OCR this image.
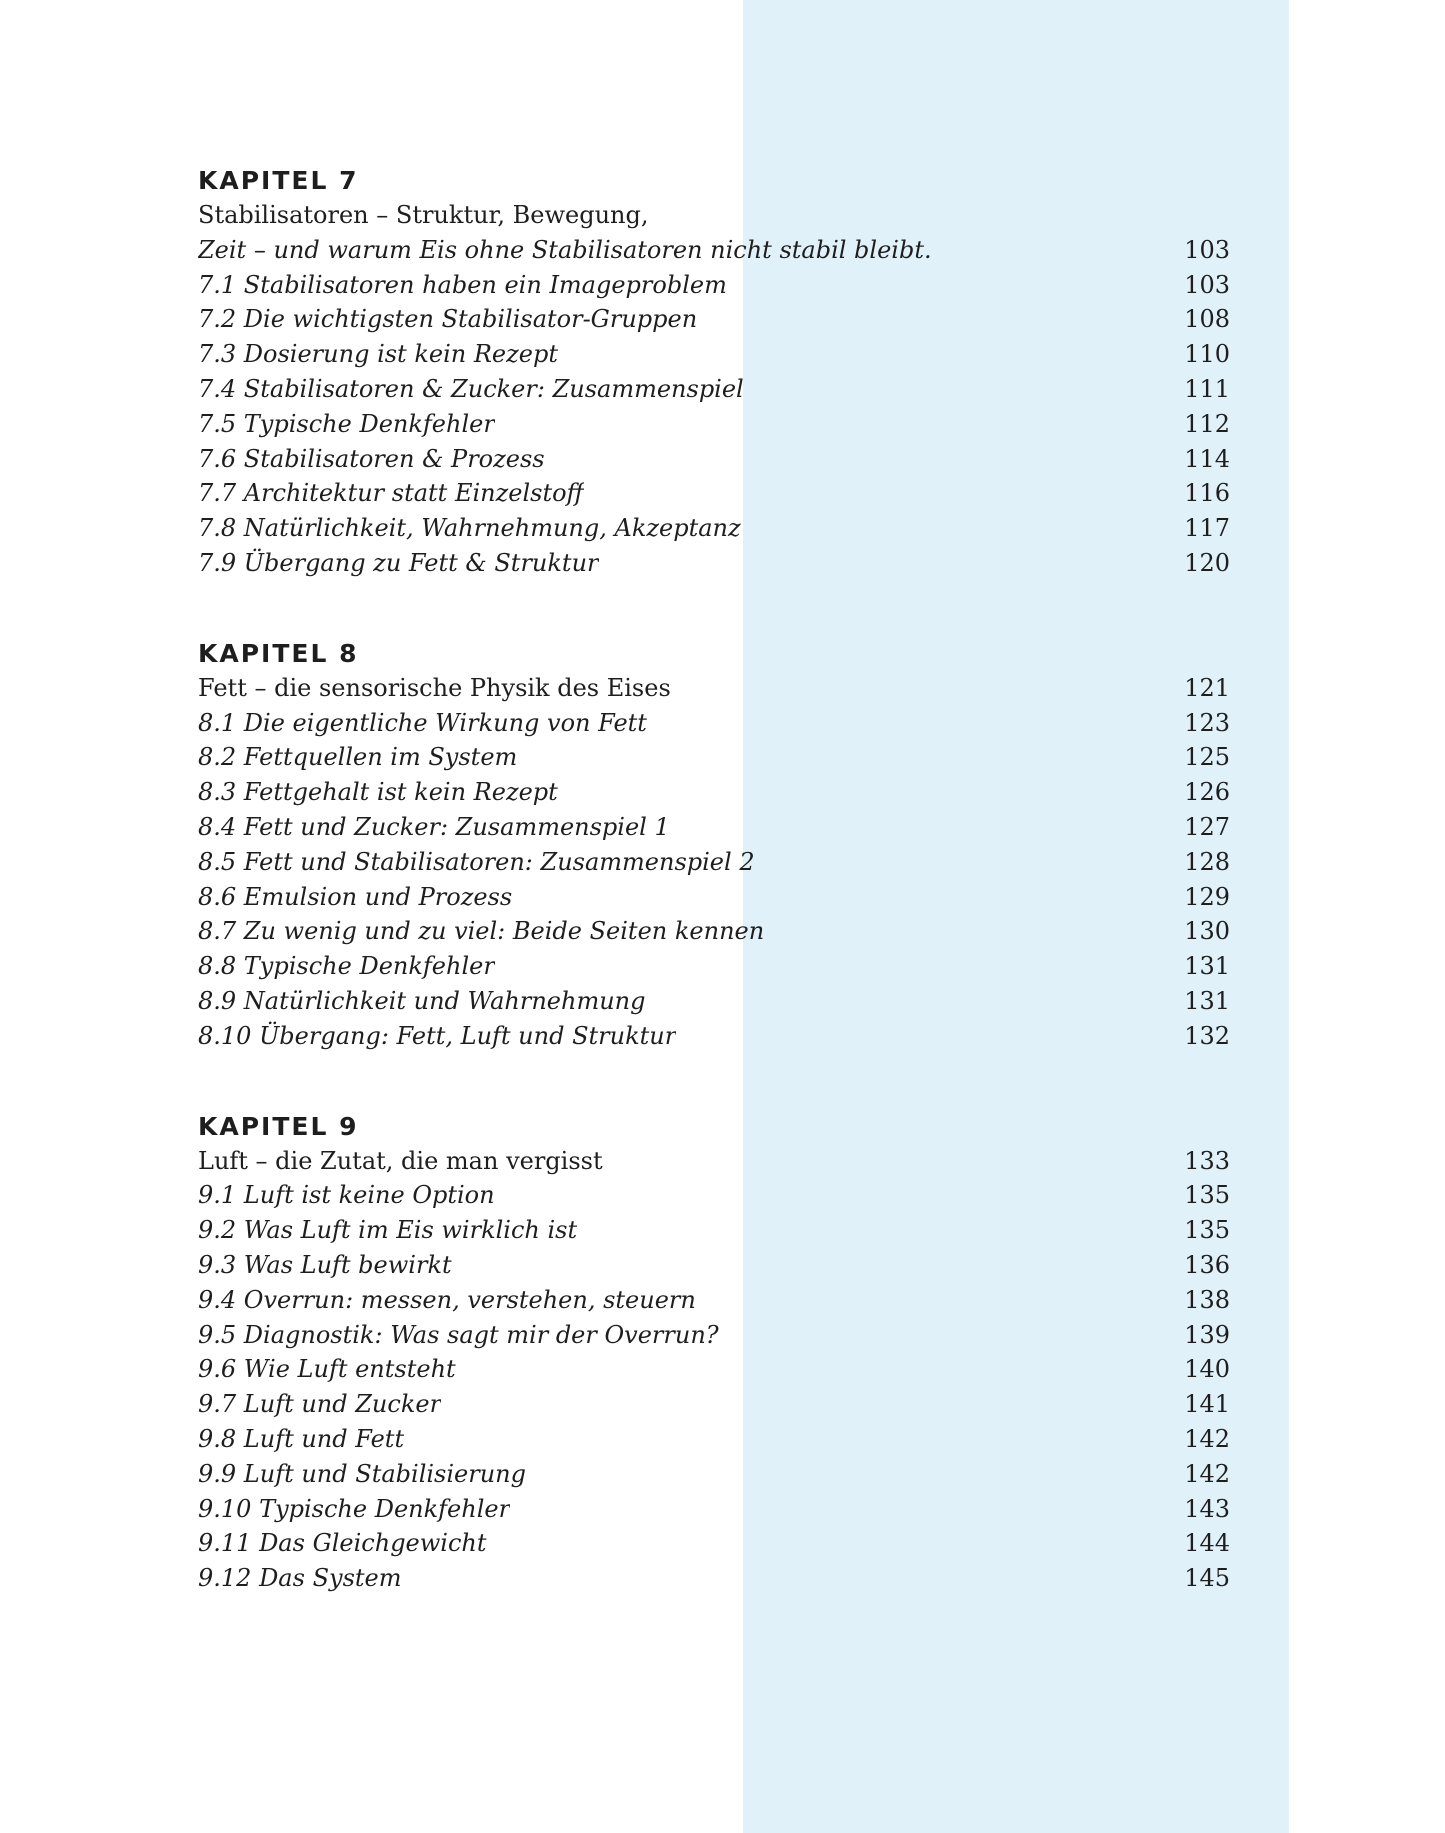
KAPITEL 7
Stabilisatoren – Struktur, Bewegung,
Zeit – und warum Eis ohne Stabilisatoren nicht stabil bleibt.	103
7.1 Stabilisatoren haben ein Imageproblem	103
7.2 Die wichtigsten Stabilisator-Gruppen	108
7.3 Dosierung ist kein Rezept	110
7.4 Stabilisatoren & Zucker: Zusammenspiel	111
7.5 Typische Denkfehler	112
7.6 Stabilisatoren & Prozess	114
7.7 Architektur statt Einzelstoff	116
7.8 Natürlichkeit, Wahrnehmung, Akzeptanz	117
7.9 Übergang zu Fett & Struktur	120
KAPITEL 8
Fett – die sensorische Physik des Eises	121
8.1 Die eigentliche Wirkung von Fett	123
8.2 Fettquellen im System	125
8.3 Fettgehalt ist kein Rezept	126
8.4 Fett und Zucker: Zusammenspiel 1	127
8.5 Fett und Stabilisatoren: Zusammenspiel 2	128
8.6 Emulsion und Prozess	129
8.7 Zu wenig und zu viel: Beide Seiten kennen	130
8.8 Typische Denkfehler	131
8.9 Natürlichkeit und Wahrnehmung	131
8.10 Übergang: Fett, Luft und Struktur	132
KAPITEL 9
Luft – die Zutat, die man vergisst	133
9.1 Luft ist keine Option	135
9.2 Was Luft im Eis wirklich ist	135
9.3 Was Luft bewirkt	136
9.4 Overrun: messen, verstehen, steuern	138
9.5 Diagnostik: Was sagt mir der Overrun?	139
9.6 Wie Luft entsteht	140
9.7 Luft und Zucker	141
9.8 Luft und Fett	142
9.9 Luft und Stabilisierung	142
9.10 Typische Denkfehler	143
9.11 Das Gleichgewicht	144
9.12 Das System	145
